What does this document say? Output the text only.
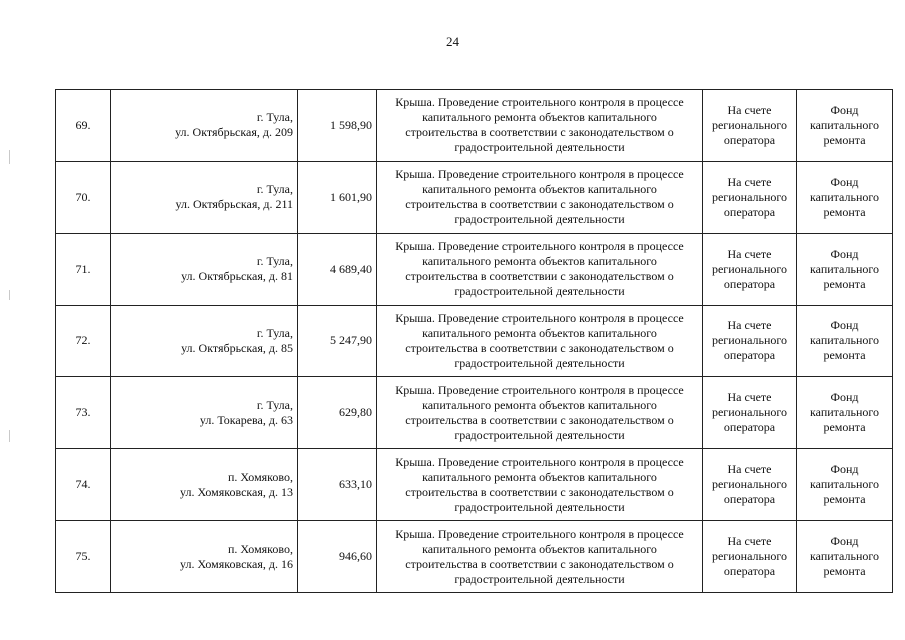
24
69.	г. Тула,
ул. Октябрьская, д. 209	1 598,90	Крыша. Проведение строительного контроля в процессе
капитального ремонта объектов капитального
строительства в соответствии с законодательством о
градостроительной деятельности	На счете
регионального
оператора	Фонд
капитального
ремонта

70.	г. Тула,
ул. Октябрьская, д. 211	1 601,90	Крыша. Проведение строительного контроля в процессе
капитального ремонта объектов капитального
строительства в соответствии с законодательством о
градостроительной деятельности	На счете
регионального
оператора	Фонд
капитального
ремонта

71.	г. Тула,
ул. Октябрьская, д. 81	4 689,40	Крыша. Проведение строительного контроля в процессе
капитального ремонта объектов капитального
строительства в соответствии с законодательством о
градостроительной деятельности	На счете
регионального
оператора	Фонд
капитального
ремонта

72.	г. Тула,
ул. Октябрьская, д. 85	5 247,90	Крыша. Проведение строительного контроля в процессе
капитального ремонта объектов капитального
строительства в соответствии с законодательством о
градостроительной деятельности	На счете
регионального
оператора	Фонд
капитального
ремонта

73.	г. Тула,
ул. Токарева, д. 63	629,80	Крыша. Проведение строительного контроля в процессе
капитального ремонта объектов капитального
строительства в соответствии с законодательством о
градостроительной деятельности	На счете
регионального
оператора	Фонд
капитального
ремонта

74.	п. Хомяково,
ул. Хомяковская, д. 13	633,10	Крыша. Проведение строительного контроля в процессе
капитального ремонта объектов капитального
строительства в соответствии с законодательством о
градостроительной деятельности	На счете
регионального
оператора	Фонд
капитального
ремонта

75.	п. Хомяково,
ул. Хомяковская, д. 16	946,60	Крыша. Проведение строительного контроля в процессе
капитального ремонта объектов капитального
строительства в соответствии с законодательством о
градостроительной деятельности	На счете
регионального
оператора	Фонд
капитального
ремонта
